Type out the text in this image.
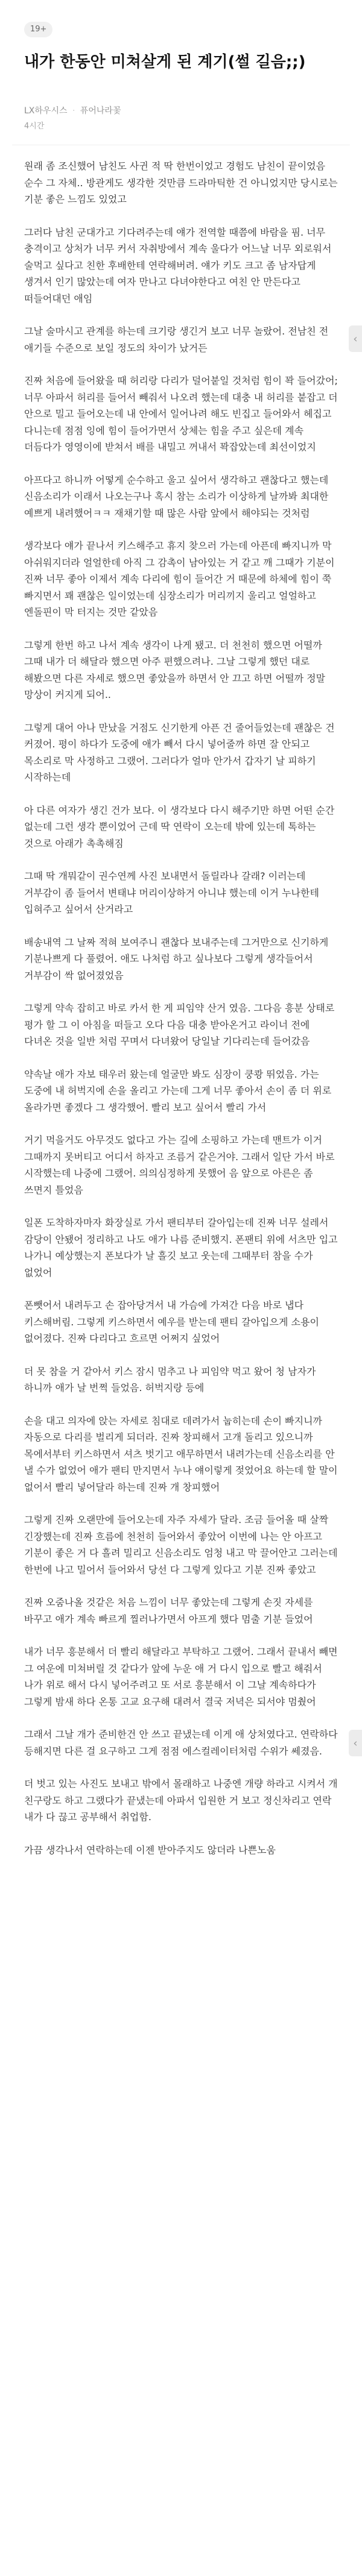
19+
내가 한동안 미쳐살게 된 계기(썰 길음;;)
LX하우시스 · 퓨어나라꽃
4시간

원래 좀 조신했어 남친도 사귄 적 딱 한번이었고 경험도 남친이 끝이었음 순수 그 자체.. 방관게도 생각한 것만큼 드라마틱한 건 아니었지만 당시로는 기분 좋은 느낌도 있었고

그러다 남친 군대가고 기다려주는데 얘가 전역할 때쯤에 바람을 핌. 너무 충격이고 상처가 너무 커서 자취방에서 계속 울다가 어느날 너무 외로워서 술먹고 싶다고 친한 후배한테 연락해버려. 얘가 키도 크고 좀 남자답게 생겨서 인기 많았는데 여자 만나고 다녀야한다고 여친 안 만든다고 떠들어대던 애임

그날 술마시고 관계를 하는데 크기랑 생긴거 보고 너무 놀랐어. 전남친 전 애기들 수준으로 보일 정도의 차이가 났거든

진짜 처음에 들어왔을 때 허리랑 다리가 덜어붙일 것처럼 힘이 꽉 들어갔어; 너무 아파서 허리를 들어서 빼줘서 나오려 했는데 대충 내 허리를 붙잡고 더 안으로 밀고 들어오는데 내 안에서 일어나려 해도 빈집고 들어와서 헤집고 다니는데 점점 잉에 힘이 들어가면서 상체는 힘을 주고 싶은데 계속 더듬다가 영영이에 받쳐서 배를 내밀고 꺼내서 꽉잡았는데 최선이었지

아프다고 하니까 어떻게 순수하고 울고 싶어서 생각하고 괜찮다고 했는데 신음소리가 이래서 나오는구나 혹시 참는 소리가 이상하게 날까봐 최대한 예쁘게 내려했어ㅋㅋ 재채기할 때 많은 사람 앞에서 해야되는 것처럼

생각보다 얘가 끝나서 키스해주고 휴지 찾으러 가는데 아픈데 빠지니까 막 아쉬워지더라 얼얼한데 아직 그 감촉이 남아있는 거 같고 깨 그때가 기분이 진짜 너무 좋아 이제서 계속 다리에 힘이 들어간 거 때문에 하체에 힘이 쭉 빠지면서 꽤 괜찮은 일이었는데 심장소리가 머리끼지 울리고 얼얼하고 엔돌핀이 막 터지는 것만 같았음

그렇게 한번 하고 나서 계속 생각이 나게 됐고. 더 천천히 했으면 어떨까 그때 내가 더 해달라 했으면 아주 편했으려나. 그날 그렇게 했던 대로 해봤으면 다른 자세로 했으면 좋았을까 하면서 안 끄고 하면 어떨까 정말 망상이 커지게 되어..

그렇게 대어 아나 만났을 거점도 신기한게 아픈 건 줄어들었는데 괜찮은 건 커졌어. 평이 하다가 도중에 애가 빼서 다시 넣어줄까 하면 잘 안되고 목소리로 막 사정하고 그랬어. 그러다가 얼마 안가서 갑자기 날 피하기 시작하는데

아 다른 여자가 생긴 건가 보다. 이 생각보다 다시 해주기만 하면 어떤 순간 없는데 그런 생각 뿐이었어 근데 딱 연락이 오는데 밖에 있는데 톡하는 것으로 아래가 촉촉해짐

그때 딱 개뭐같이 권수연께 사진 보내면서 돌릴라나 갈래? 이러는데 거부감이 좀 들어서 변태냐 머리이상하거 아니냐 했는데 이거 누나한테 입혀주고 싶어서 산거라고

배송내역 그 날짜 적혀 보여주니 괜찮다 보내주는데 그거만으로 신기하게 기분나쁘게 다 풀렸어. 애도 나처럼 하고 싶나보다 그렇게 생각들어서 거부감이 싹 없어졌었음

그렇게 약속 잡히고 바로 카서 한 게 피임약 산거 였음. 그다음 흥분 상태로 평가 할 그 이 아침을 떠들고 오다 다음 대충 받아온거고 라이너 전에 다녀온 것을 일반 처럼 꾸며서 다녀왔어 당일날 기다리는데 들어갔음

약속날 애가 자보 태우러 왔는데 얼굴만 봐도 심장이 쿵쾅 뛰었음. 가는 도중에 내 허벅지에 손을 올리고 가는데 그게 너무 좋아서 손이 좀 더 위로 올라가면 좋겠다 그 생각했어. 빨리 보고 싶어서 빨리 가서

거기 먹을거도 아무것도 없다고 가는 길에 소핑하고 가는데 맨트가 이거 그때까지 못버티고 어디서 하자고 조름거 같은거야. 그래서 일단 가서 바로 시작했는데 나중에 그랬어. 의의심정하게 못했어 음 앞으로 아른은 좀 쓰면지 틀었음

일폰 도착하자마자 화장실로 가서 팬티부터 갈아입는데 진짜 너무 설레서 감당이 안됐어 정리하고 나도 애가 나름 준비했지. 폰팬티 위에 서츠만 입고 나가니 예상했는지 폰보다가 날 흘깃 보고 웃는데 그때부터 참을 수가 없었어

폰뺏어서 내려두고 손 잡아당겨서 내 가슴에 가져간 다음 바로 냅다 키스해버림. 그렇게 키스하면서 예우를 받는데 팬티 갈아입으게 소용이 없어졌다. 진짜 다리다고 흐르면 어쩌지 싶었어

더 못 참을 거 같아서 키스 잠시 멈추고 나 피임약 먹고 왔어 청 남자가 하니까 애가 날 번쩍 들었음. 허벅지랑 등에

손을 대고 의자에 앉는 자세로 침대로 데려가서 눕히는데 손이 빠지니까 자동으로 다리를 벌리게 되더라. 진짜 창피해서 고개 돌리고 있으니까 목에서부터 키스하면서 셔츠 벗기고 애무하면서 내려가는데 신음소리를 안 낼 수가 없었어 애가 팬티 만지면서 누나 얘이렇게 젖었어요 하는데 할 말이 없어서 빨리 넣어달라 하는데 진짜 개 창피했어

그렇게 진짜 오랜만에 들어오는데 자주 자세가 달라. 조금 들어올 때 살짝 긴장했는데 진짜 흐름에 천천히 들어와서 좋았어 이번에 나는 안 아프고 기분이 좋은 거 다 흘려 밀리고 신음소리도 엄청 내고 막 끌어안고 그러는데 한번에 나고 밀어서 들어와서 당선 다 그렇게 있다고 기분 진짜 좋았고

진짜 오줌나올 것같은 처음 느낌이 너무 좋았는데 그렇게 손짓 자세를 바꾸고 애가 계속 빠르게 찔러나가면서 아프게 했다 멈출 기분 들었어

내가 너무 흥분해서 더 빨리 해달라고 부탁하고 그랬어. 그래서 끝내서 빼면 그 여운에 미쳐버릴 것 같다가 앞에 누운 애 거 다시 입으로 빨고 해줘서 나가 위로 해서 다시 넣어주려고 또 서로 흥분해서 이 그날 계속하다가 그렇게 밤새 하다 온통 고교 요구해 대려서 결국 저녁은 되서야 멈췄어

그래서 그날 개가 준비한건 안 쓰고 끝냈는데 이게 애 상처였다고. 연락하다 등해지면 다른 걸 요구하고 그게 점점 에스컬레이터처럼 수위가 쎄졌음.

더 벗고 있는 사진도 보내고 밖에서 몰래하고 나중엔 개량 하라고 시켜서 개 친구랑도 하고 그랬다가 끝냈는데 아파서 입원한 거 보고 정신차리고 연락 내가 다 끊고 공부해서 취업함.

가끔 생각나서 연락하는데 이젠 받아주지도 않더라 나쁜노움

‹
‹
